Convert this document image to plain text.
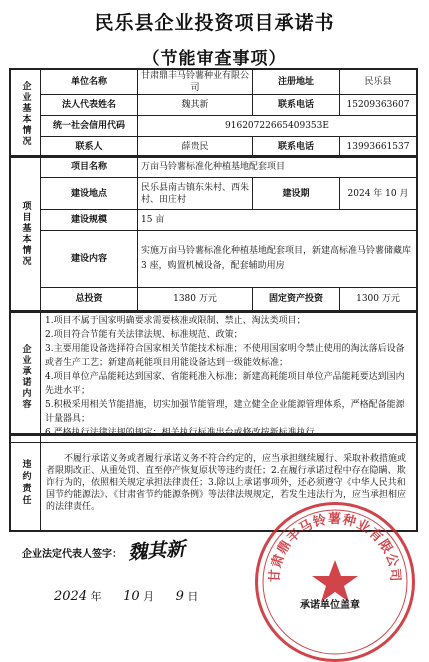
民乐县企业投资项目承诺书
（节能审查事项）
企业基本情况	单位名称	甘肃鼎丰马铃薯种业有限公司	注册地址	民乐县
	法人代表姓名	魏其新	联系电话	15209363607
	统一社会信用代码	91620722665409353E		
	联系人	薛贵民	联系电话	13993661537
项目基本情况	项目名称	万亩马铃薯标准化种植基地配套项目		
	建设地点	民乐县南古镇东朱村、西朱村、田庄村	建设期	2024 年 10 月
	建设规模	15 亩		
	建设内容	实施万亩马铃薯标准化种植基地配套项目，新建高标准马铃薯储藏库 3 座，购置机械设备，配套辅助用房		
	总投资	1380 万元	固定资产投资	1300 万元
企业承诺内容	
1.项目不属于国家明确要求需要核准或限制、禁止、淘汰类项目；
2.项目符合节能有关法律法规、标准规范、政策；
3.主要用能设备选择符合国家相关节能技术标准；不使用国家明令禁止使用的淘汰落后设备或者生产工艺；新建高耗能项目用能设备达到一级能效标准；
4.项目单位产品能耗达到国家、省能耗准入标准；新建高耗能项目单位产品能耗要达到国内先进水平；
5.积极采用相关节能措施，切实加强节能管理，建立健全企业能源管理体系，严格配备能源计量器具；
6.严格执行法律法规的规定；相关执行标准出台或修改按新标准执行。
违约责任	不履行承诺义务或者履行承诺义务不符合约定的，应当承担继续履行、采取补救措施或者限期改正、从重处罚、直至停产恢复原状等违约责任；2.在履行承诺过程中存在隐瞒、欺诈行为的，依照相关规定承担法律责任；3.除以上承诺事项外，还必须遵守《中华人民共和国节约能源法》、《甘肃省节约能源条例》等法律法规规定，若发生违法行为，应当承担相应的法律责任。
企业法定代表人签字： 魏其新
2024 年 10 月 9 日
甘肃鼎丰马铃薯种业有限公司
承诺单位盖章
